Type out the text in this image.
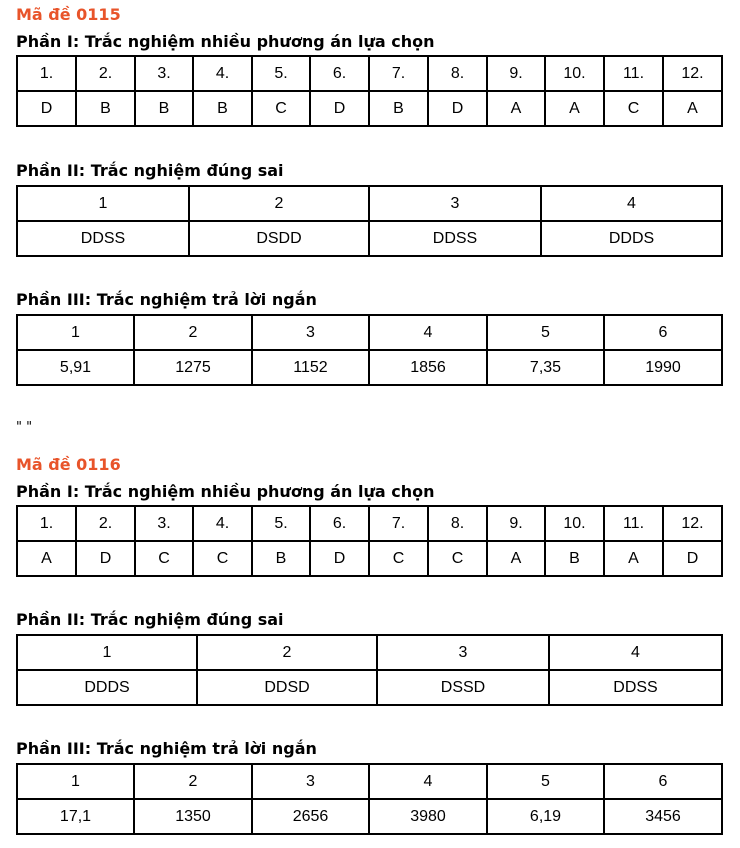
Mã đề 0115
Phần I: Trắc nghiệm nhiều phương án lựa chọn
1.	2.	3.	4.	5.	6.	7.	8.	9.	10.	11.	12.
D	B	B	B	C	D	B	D	A	A	C	A
Phần II: Trắc nghiệm đúng sai
1	2	3	4
DDSS	DSDD	DDSS	DDDS
Phần III: Trắc nghiệm trả lời ngắn
1	2	3	4	5	6
5,91	1275	1152	1856	7,35	1990
" "
Mã đề 0116
Phần I: Trắc nghiệm nhiều phương án lựa chọn
1.	2.	3.	4.	5.	6.	7.	8.	9.	10.	11.	12.
A	D	C	C	B	D	C	C	A	B	A	D
Phần II: Trắc nghiệm đúng sai
1	2	3	4
DDDS	DDSD	DSSD	DDSS
Phần III: Trắc nghiệm trả lời ngắn
1	2	3	4	5	6
17,1	1350	2656	3980	6,19	3456
